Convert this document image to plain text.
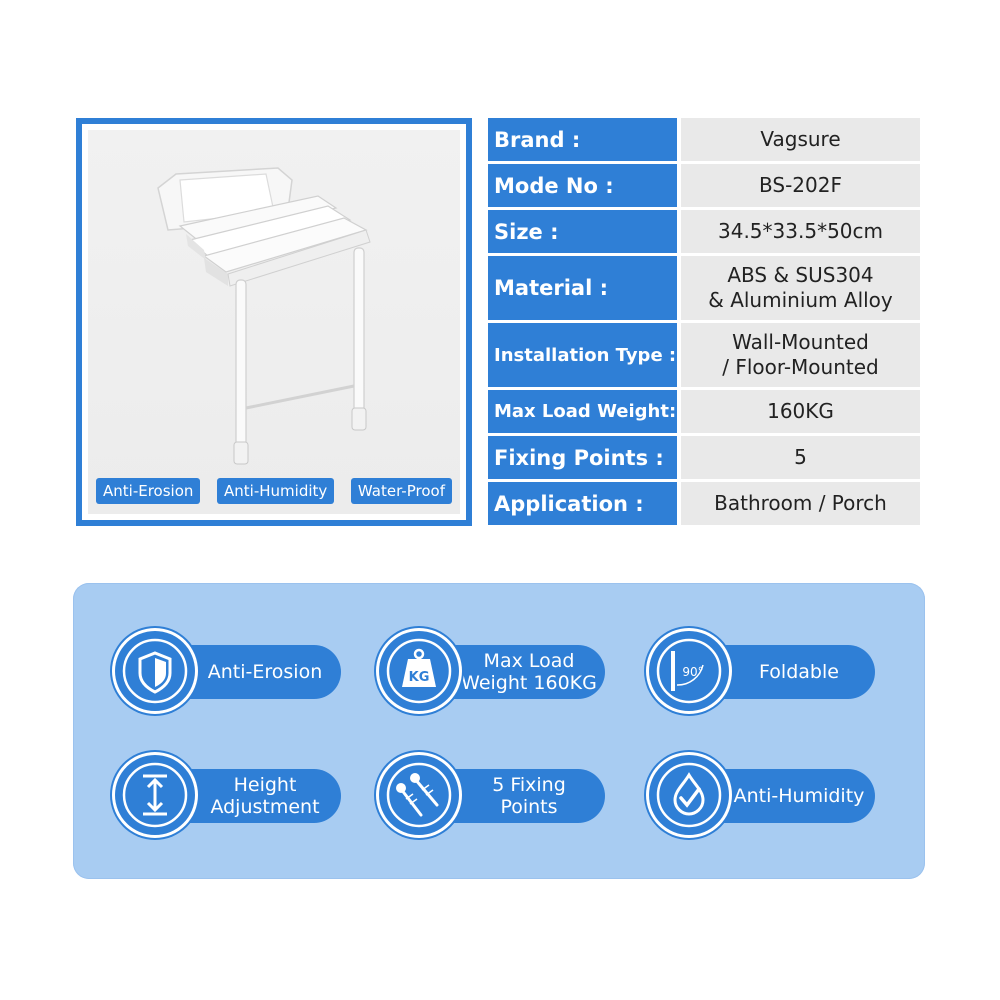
Anti-Erosion	Anti-Humidity	Water-Proof
Brand :	Vagsure
Mode No :	BS-202F
Size :	34.5*33.5*50cm
Material :
ABS & SUS304
& Aluminium Alloy
Installation Type :
Wall-Mounted
/ Floor-Mounted
Max Load Weight:	160KG
Fixing Points :	5
Application :	Bathroom / Porch
Anti-Erosion	Max Load
Weight 160KG
KG	Foldable
90°
Height
Adjustment
5 Fixing
Points	Anti-Humidity
